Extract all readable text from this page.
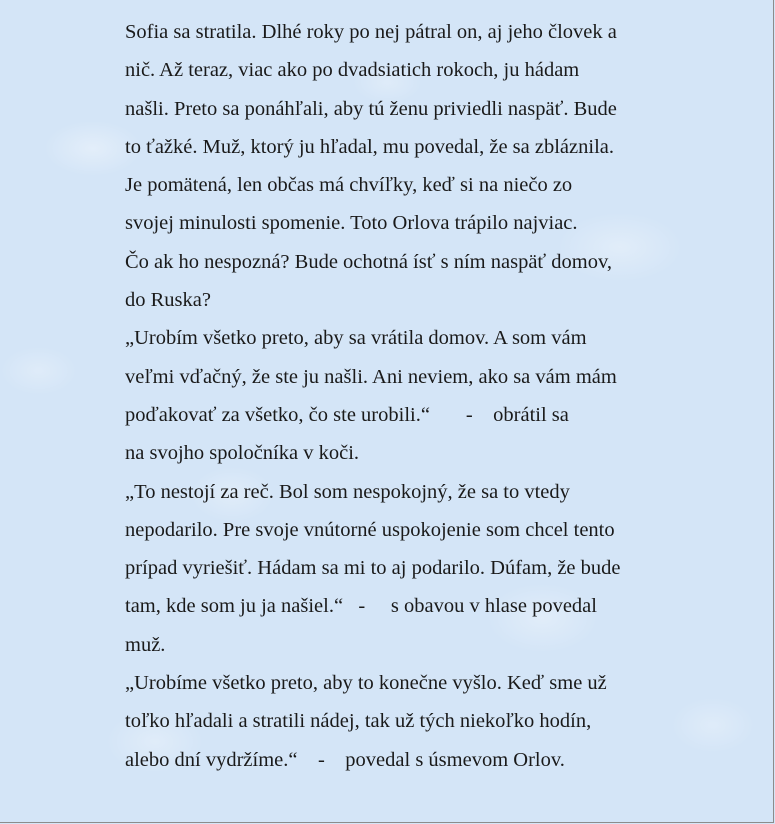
Sofia sa stratila. Dlhé roky po nej pátral on, aj jeho človek a
nič. Až teraz, viac ako po dvadsiatich rokoch, ju hádam
našli. Preto sa ponáhľali, aby tú ženu priviedli naspäť. Bude
to ťažké. Muž, ktorý ju hľadal, mu povedal, že sa zbláznila.
Je pomätená, len občas má chvíľky, keď si na niečo zo
svojej minulosti spomenie. Toto Orlova trápilo najviac.
Čo ak ho nespozná? Bude ochotná ísť s ním naspäť domov,
do Ruska?
„Urobím všetko preto, aby sa vrátila domov. A som vám
veľmi vďačný, že ste ju našli. Ani neviem, ako sa vám mám
poďakovať za všetko, čo ste urobili.“       -    obrátil sa
na svojho spoločníka v koči.
„To nestojí za reč. Bol som nespokojný, že sa to vtedy
nepodarilo. Pre svoje vnútorné uspokojenie som chcel tento
prípad vyriešiť. Hádam sa mi to aj podarilo. Dúfam, že bude
tam, kde som ju ja našiel.“   -     s obavou v hlase povedal
muž.
„Urobíme všetko preto, aby to konečne vyšlo. Keď sme už
toľko hľadali a stratili nádej, tak už tých niekoľko hodín,
alebo dní vydržíme.“    -    povedal s úsmevom Orlov.
